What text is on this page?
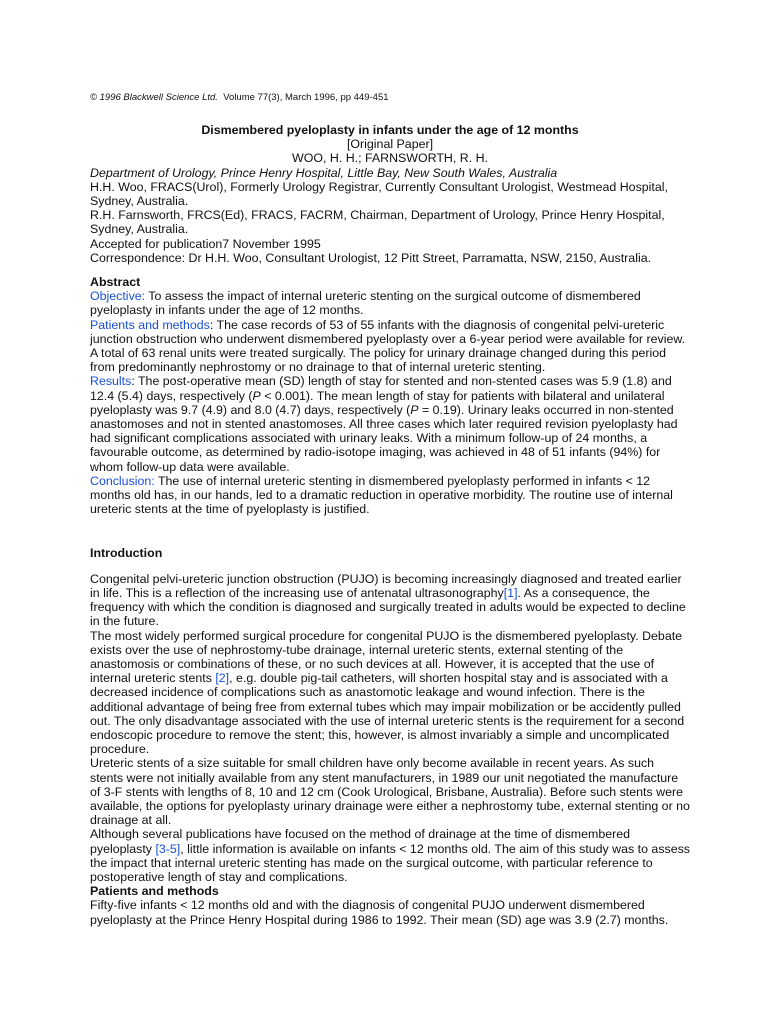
© 1996 Blackwell Science Ltd. Volume 77(3), March 1996, pp 449-451

Dismembered pyeloplasty in infants under the age of 12 months
[Original Paper]
WOO, H. H.; FARNSWORTH, R. H.

Department of Urology, Prince Henry Hospital, Little Bay, New South Wales, Australia

H.H. Woo, FRACS(Urol), Formerly Urology Registrar, Currently Consultant Urologist, Westmead Hospital, Sydney, Australia.

R.H. Farnsworth, FRCS(Ed), FRACS, FACRM, Chairman, Department of Urology, Prince Henry Hospital, Sydney, Australia.

Accepted for publication7 November 1995

Correspondence: Dr H.H. Woo, Consultant Urologist, 12 Pitt Street, Parramatta, NSW, 2150, Australia.

Abstract

Objective: To assess the impact of internal ureteric stenting on the surgical outcome of dismembered pyeloplasty in infants under the age of 12 months.

Patients and methods: The case records of 53 of 55 infants with the diagnosis of congenital pelvi-ureteric junction obstruction who underwent dismembered pyeloplasty over a 6-year period were available for review. A total of 63 renal units were treated surgically. The policy for urinary drainage changed during this period from predominantly nephrostomy or no drainage to that of internal ureteric stenting.

Results: The post-operative mean (SD) length of stay for stented and non-stented cases was 5.9 (1.8) and 12.4 (5.4) days, respectively (P < 0.001). The mean length of stay for patients with bilateral and unilateral pyeloplasty was 9.7 (4.9) and 8.0 (4.7) days, respectively (P = 0.19). Urinary leaks occurred in non-stented anastomoses and not in stented anastomoses. All three cases which later required revision pyeloplasty had had significant complications associated with urinary leaks. With a minimum follow-up of 24 months, a favourable outcome, as determined by radio-isotope imaging, was achieved in 48 of 51 infants (94%) for whom follow-up data were available.

Conclusion: The use of internal ureteric stenting in dismembered pyeloplasty performed in infants < 12 months old has, in our hands, led to a dramatic reduction in operative morbidity. The routine use of internal ureteric stents at the time of pyeloplasty is justified.

Introduction

Congenital pelvi-ureteric junction obstruction (PUJO) is becoming increasingly diagnosed and treated earlier in life. This is a reflection of the increasing use of antenatal ultrasonography[1]. As a consequence, the frequency with which the condition is diagnosed and surgically treated in adults would be expected to decline in the future.

The most widely performed surgical procedure for congenital PUJO is the dismembered pyeloplasty. Debate exists over the use of nephrostomy-tube drainage, internal ureteric stents, external stenting of the anastomosis or combinations of these, or no such devices at all. However, it is accepted that the use of internal ureteric stents [2], e.g. double pig-tail catheters, will shorten hospital stay and is associated with a decreased incidence of complications such as anastomotic leakage and wound infection. There is the additional advantage of being free from external tubes which may impair mobilization or be accidently pulled out. The only disadvantage associated with the use of internal ureteric stents is the requirement for a second endoscopic procedure to remove the stent; this, however, is almost invariably a simple and uncomplicated procedure.

Ureteric stents of a size suitable for small children have only become available in recent years. As such stents were not initially available from any stent manufacturers, in 1989 our unit negotiated the manufacture of 3-F stents with lengths of 8, 10 and 12 cm (Cook Urological, Brisbane, Australia). Before such stents were available, the options for pyeloplasty urinary drainage were either a nephrostomy tube, external stenting or no drainage at all.

Although several publications have focused on the method of drainage at the time of dismembered pyeloplasty [3-5], little information is available on infants < 12 months old. The aim of this study was to assess the impact that internal ureteric stenting has made on the surgical outcome, with particular reference to postoperative length of stay and complications.

Patients and methods

Fifty-five infants < 12 months old and with the diagnosis of congenital PUJO underwent dismembered pyeloplasty at the Prince Henry Hospital during 1986 to 1992. Their mean (SD) age was 3.9 (2.7) months.
